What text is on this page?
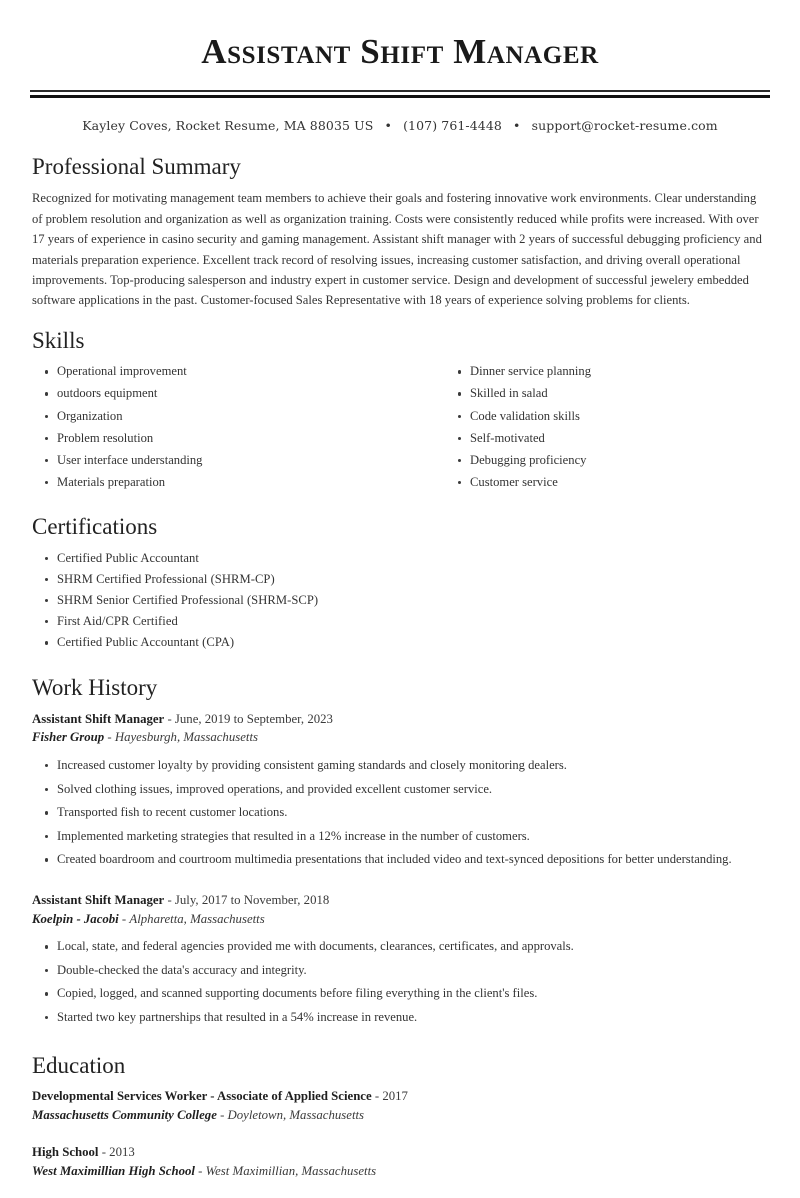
Assistant Shift Manager

Kayley Coves, Rocket Resume, MA 88035 US • (107) 761-4448 • support@rocket-resume.com

Professional Summary

Recognized for motivating management team members to achieve their goals and fostering innovative work environments. Clear understanding of problem resolution and organization as well as organization training. Costs were consistently reduced while profits were increased. With over 17 years of experience in casino security and gaming management. Assistant shift manager with 2 years of successful debugging proficiency and materials preparation experience. Excellent track record of resolving issues, increasing customer satisfaction, and driving overall operational improvements. Top-producing salesperson and industry expert in customer service. Design and development of successful jewelery embedded software applications in the past. Customer-focused Sales Representative with 18 years of experience solving problems for clients.

Skills
Operational improvement
outdoors equipment
Organization
Problem resolution
User interface understanding
Materials preparation
Dinner service planning
Skilled in salad
Code validation skills
Self-motivated
Debugging proficiency
Customer service
Certifications
Certified Public Accountant
SHRM Certified Professional (SHRM-CP)
SHRM Senior Certified Professional (SHRM-SCP)
First Aid/CPR Certified
Certified Public Accountant (CPA)
Work History

Assistant Shift Manager - June, 2019 to September, 2023

Fisher Group - Hayesburgh, Massachusetts

Increased customer loyalty by providing consistent gaming standards and closely monitoring dealers.
Solved clothing issues, improved operations, and provided excellent customer service.
Transported fish to recent customer locations.
Implemented marketing strategies that resulted in a 12% increase in the number of customers.
Created boardroom and courtroom multimedia presentations that included video and text-synced depositions for better understanding.

Assistant Shift Manager - July, 2017 to November, 2018

Koelpin - Jacobi - Alpharetta, Massachusetts

Local, state, and federal agencies provided me with documents, clearances, certificates, and approvals.
Double-checked the data's accuracy and integrity.
Copied, logged, and scanned supporting documents before filing everything in the client's files.
Started two key partnerships that resulted in a 54% increase in revenue.
Education

Developmental Services Worker - Associate of Applied Science - 2017

Massachusetts Community College - Doyletown, Massachusetts

High School - 2013

West Maximillian High School - West Maximillian, Massachusetts
